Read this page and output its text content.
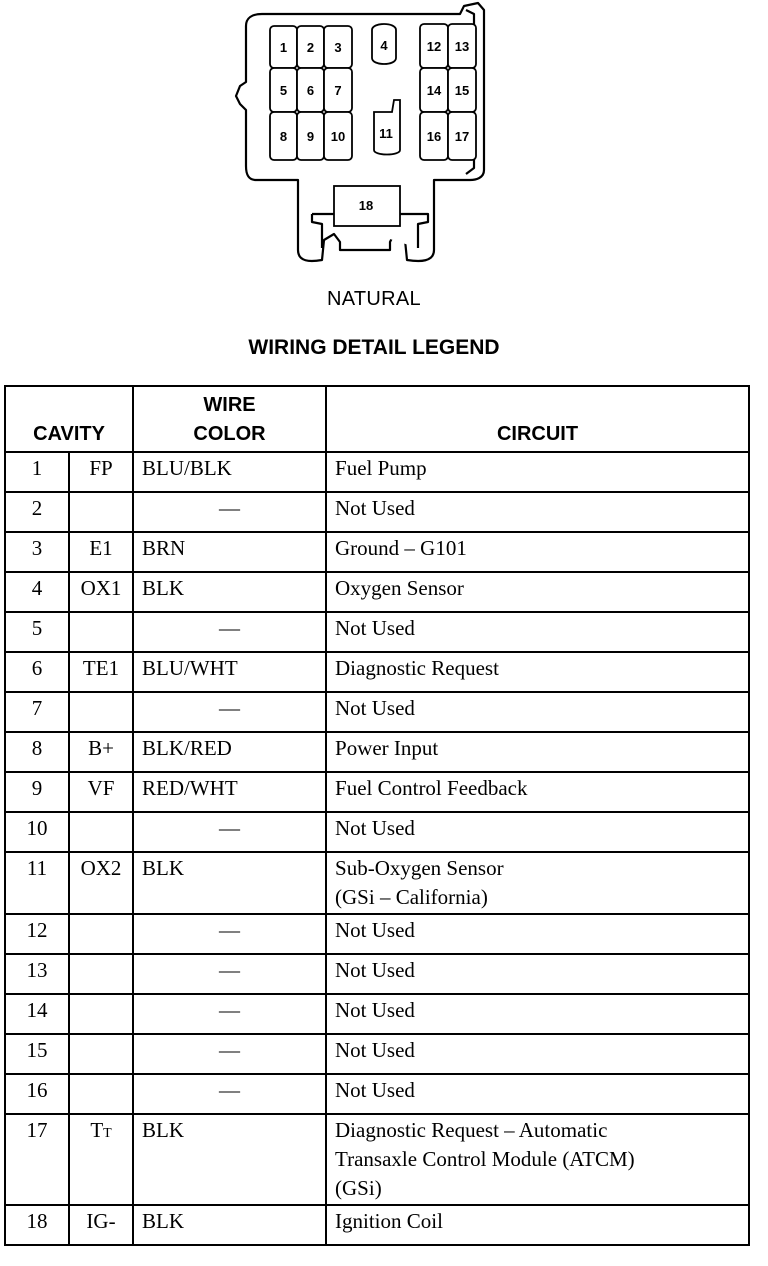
1 2 3
5 6 7
8 9 10
12 13
14 15
16 17
4
11
18
NATURAL
WIRING DETAIL LEGEND
CAVITY		WIRE
COLOR	CIRCUIT
1	FP	BLU/BLK	Fuel Pump

2		—	Not Used

3	E1	BRN	Ground – G101

4	OX1	BLK	Oxygen Sensor

5		—	Not Used

6	TE1	BLU/WHT	Diagnostic Request

7		—	Not Used

8	B+	BLK/RED	Power Input

9	VF	RED/WHT	Fuel Control Feedback

10		—	Not Used

11	OX2	BLK	Sub-Oxygen Sensor
(GSi – California)

12		—	Not Used

13		—	Not Used

14		—	Not Used

15		—	Not Used

16		—	Not Used

17	TT	BLK	Diagnostic Request – Automatic
Transaxle Control Module (ATCM)
(GSi)

18	IG-	BLK	Ignition Coil
